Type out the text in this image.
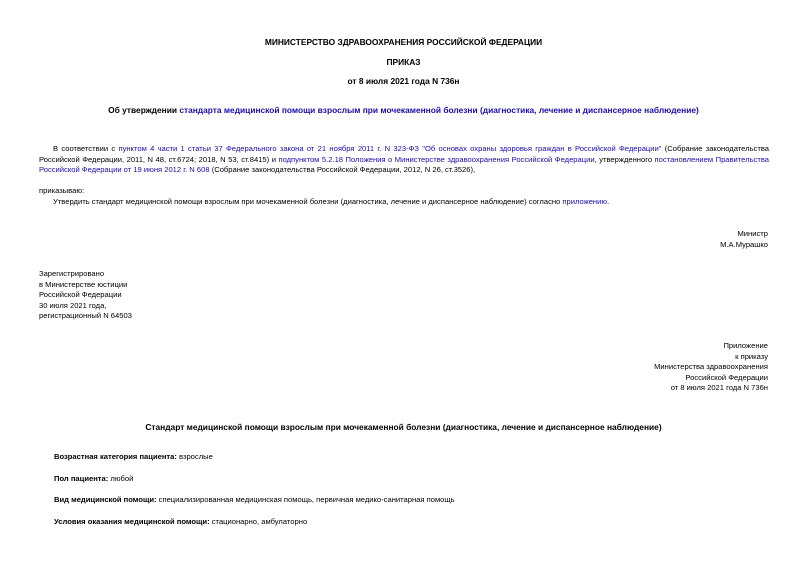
МИНИСТЕРСТВО ЗДРАВООХРАНЕНИЯ РОССИЙСКОЙ ФЕДЕРАЦИИ
ПРИКАЗ
от 8 июля 2021 года N 736н
Об утверждении стандарта медицинской помощи взрослым при мочекаменной болезни (диагностика, лечение и диспансерное наблюдение)
В соответствии с пунктом 4 части 1 статьи 37 Федерального закона от 21 ноября 2011 г. N 323-ФЗ "Об основах охраны здоровья граждан в Российской Федерации" (Собрание законодательства Российской Федерации, 2011, N 48, ст.6724; 2018, N 53, ст.8415) и подпунктом 5.2.18 Положения о Министерстве здравоохранения Российской Федерации, утвержденного постановлением Правительства Российской Федерации от 19 июня 2012 г. N 608 (Собрание законодательства Российской Федерации, 2012, N 26, ст.3526),
приказываю:
Утвердить стандарт медицинской помощи взрослым при мочекаменной болезни (диагностика, лечение и диспансерное наблюдение) согласно приложению.
Министр
М.А.Мурашко
Зарегистрировано
в Министерстве юстиции
Российской Федерации
30 июля 2021 года,
регистрационный N 64503
Приложение
к приказу
Министерства здравоохранения
Российской Федерации
от 8 июля 2021 года N 736н
Стандарт медицинской помощи взрослым при мочекаменной болезни (диагностика, лечение и диспансерное наблюдение)
Возрастная категория пациента: взрослые
Пол пациента: любой
Вид медицинской помощи: специализированная медицинская помощь, первичная медико-санитарная помощь
Условия оказания медицинской помощи: стационарно, амбулаторно
